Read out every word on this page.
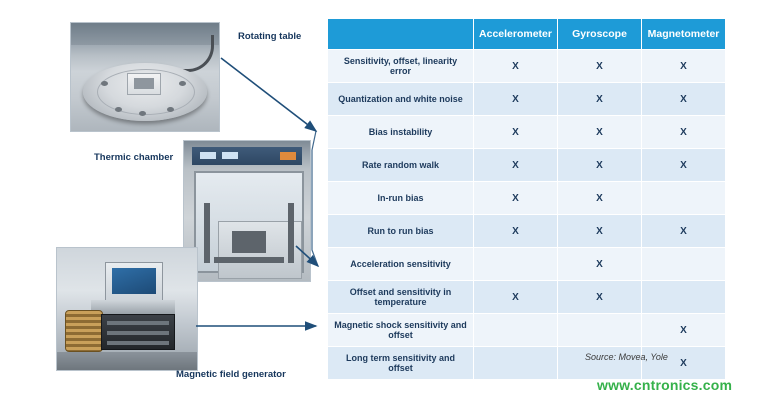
Rotating table
Thermic chamber
Magnetic field generator
	Accelerometer	Gyroscope	Magnetometer
Sensitivity, offset, linearity error	X	X	X
Quantization and white noise	X	X	X
Bias instability	X	X	X
Rate random walk	X	X	X
In-run bias	X	X	
Run to run bias	X	X	X
Acceleration sensitivity		X	
Offset and sensitivity in temperature	X	X	
Magnetic shock sensitivity and offset			X
Long term sensitivity and offset			X
Source: Movea, Yole
www.cntronics.com
